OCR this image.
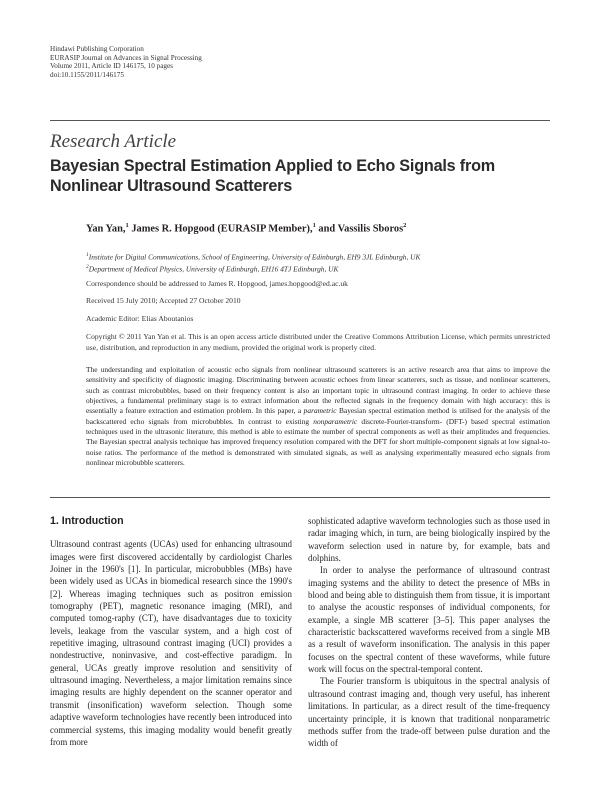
Hindawi Publishing Corporation
EURASIP Journal on Advances in Signal Processing
Volume 2011, Article ID 146175, 10 pages
doi:10.1155/2011/146175
Research Article
Bayesian Spectral Estimation Applied to Echo Signals from Nonlinear Ultrasound Scatterers
Yan Yan,$^1$ James R. Hopgood (EURASIP Member),$^1$ and Vassilis Sboros$^2$
$^1$Institute for Digital Communications, School of Engineering, University of Edinburgh, EH9 3JL Edinburgh, UK
$^2$Department of Medical Physics, University of Edinburgh, EH16 4TJ Edinburgh, UK
Correspondence should be addressed to James R. Hopgood, james.hopgood@ed.ac.uk
Received 15 July 2010; Accepted 27 October 2010
Academic Editor: Elias Aboutanios
Copyright © 2011 Yan Yan et al. This is an open access article distributed under the Creative Commons Attribution License, which permits unrestricted use, distribution, and reproduction in any medium, provided the original work is properly cited.
The understanding and exploitation of acoustic echo signals from nonlinear ultrasound scatterers is an active research area that aims to improve the sensitivity and specificity of diagnostic imaging. Discriminating between acoustic echoes from linear scatterers, such as tissue, and nonlinear scatterers, such as contrast microbubbles, based on their frequency content is also an important topic in ultrasound contrast imaging. In order to achieve these objectives, a fundamental preliminary stage is to extract information about the reflected signals in the frequency domain with high accuracy: this is essentially a feature extraction and estimation problem. In this paper, a parametric Bayesian spectral estimation method is utilised for the analysis of the backscattered echo signals from microbubbles. In contrast to existing nonparametric discrete-Fourier-transform- (DFT-) based spectral estimation techniques used in the ultrasonic literature, this method is able to estimate the number of spectral components as well as their amplitudes and frequencies. The Bayesian spectral analysis technique has improved frequency resolution compared with the DFT for short multiple-component signals at low signal-to-noise ratios. The performance of the method is demonstrated with simulated signals, as well as analysing experimentally measured echo signals from nonlinear microbubble scatterers.
1. Introduction

Ultrasound contrast agents (UCAs) used for enhancing ultrasound images were first discovered accidentally by cardiologist Charles Joiner in the 1960's [1]. In particular, microbubbles (MBs) have been widely used as UCAs in biomedical research since the 1990's [2]. Whereas imaging techniques such as positron emission tomography (PET), magnetic resonance imaging (MRI), and computed tomog-raphy (CT), have disadvantages due to toxicity levels, leakage from the vascular system, and a high cost of repetitive imaging, ultrasound contrast imaging (UCI) provides a nondestructive, noninvasive, and cost-effective paradigm. In general, UCAs greatly improve resolution and sensitivity of ultrasound imaging. Nevertheless, a major limitation remains since imaging results are highly dependent on the scanner operator and transmit (insonification) waveform selection. Though some adaptive waveform technologies have recently been introduced into commercial systems, this imaging modality would benefit greatly from more

sophisticated adaptive waveform technologies such as those used in radar imaging which, in turn, are being biologically inspired by the waveform selection used in nature by, for example, bats and dolphins.

In order to analyse the performance of ultrasound contrast imaging systems and the ability to detect the presence of MBs in blood and being able to distinguish them from tissue, it is important to analyse the acoustic responses of individual components, for example, a single MB scatterer [3–5]. This paper analyses the characteristic backscattered waveforms received from a single MB as a result of waveform insonification. The analysis in this paper focuses on the spectral content of these waveforms, while future work will focus on the spectral-temporal content.

The Fourier transform is ubiquitous in the spectral analysis of ultrasound contrast imaging and, though very useful, has inherent limitations. In particular, as a direct result of the time-frequency uncertainty principle, it is known that traditional nonparametric methods suffer from the trade-off between pulse duration and the width of
